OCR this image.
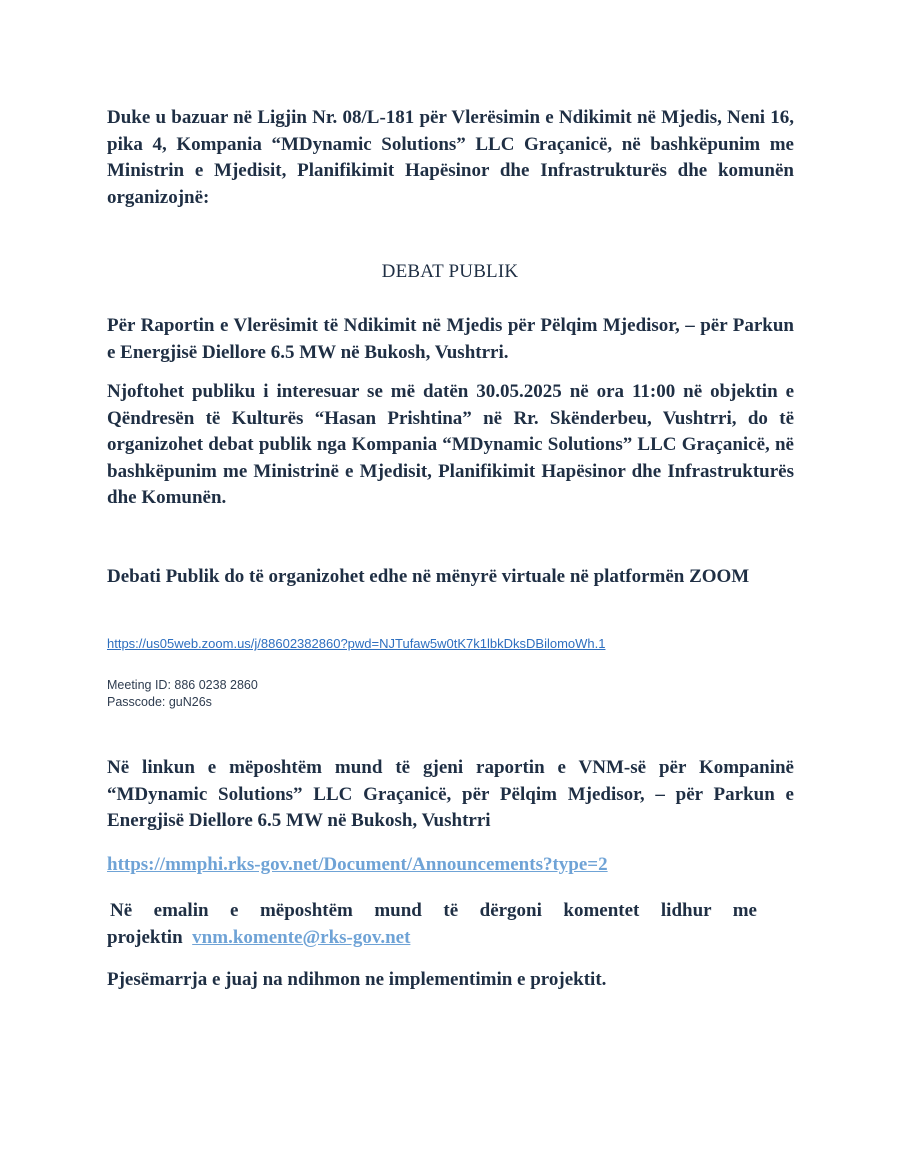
Duke u bazuar në Ligjin Nr. 08/L-181 për Vlerësimin e Ndikimit në Mjedis, Neni 16, pika 4, Kompania “MDynamic Solutions” LLC Graçanicë, në bashkëpunim me Ministrin e Mjedisit, Planifikimit Hapësinor dhe Infrastrukturës dhe komunën organizojnë:

DEBAT PUBLIK

Për Raportin e Vlerësimit të Ndikimit në Mjedis për Pëlqim Mjedisor, – për Parkun e Energjisë Diellore 6.5 MW në Bukosh, Vushtrri.

Njoftohet publiku i interesuar se më datën 30.05.2025 në ora 11:00 në objektin e Qëndresën të Kulturës “Hasan Prishtina” në Rr. Skënderbeu, Vushtrri, do të organizohet debat publik nga Kompania “MDynamic Solutions” LLC Graçanicë, në bashkëpunim me Ministrinë e Mjedisit, Planifikimit Hapësinor dhe Infrastrukturës dhe Komunën.

Debati Publik do të organizohet edhe në mënyrë virtuale në platformën ZOOM

https://us05web.zoom.us/j/88602382860?pwd=NJTufaw5w0tK7k1lbkDksDBilomoWh.1
Meeting ID: 886 0238 2860
Passcode: guN26s

Në linkun e mëposhtëm mund të gjeni raportin e VNM-së për Kompaninë “MDynamic Solutions” LLC Graçanicë, për Pëlqim Mjedisor, – për Parkun e Energjisë Diellore 6.5 MW në Bukosh, Vushtrri

https://mmphi.rks-gov.net/Document/Announcements?type=2

Në emalin e mëposhtëm mund të dërgoni komentet lidhur me projektin vnm.komente@rks-gov.net

Pjesëmarrja e juaj na ndihmon ne implementimin e projektit.
